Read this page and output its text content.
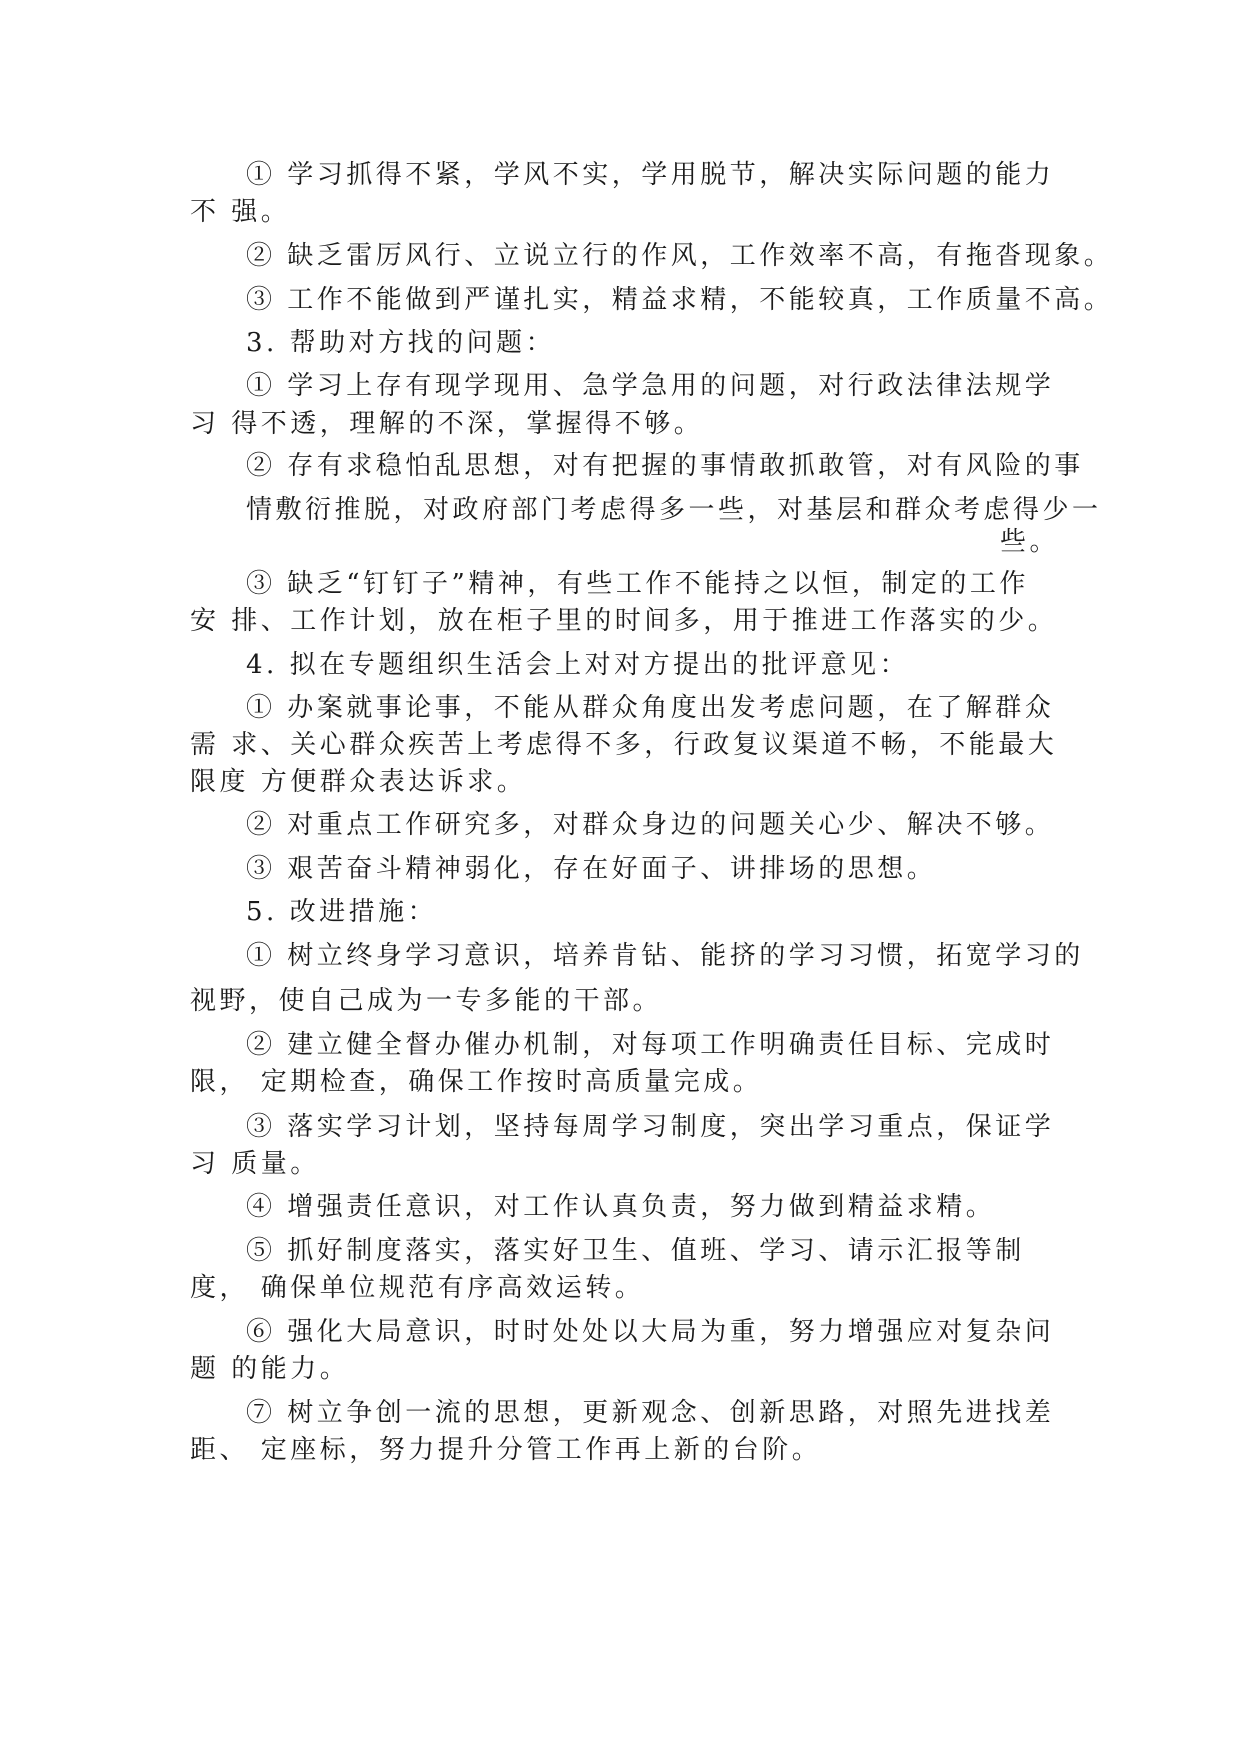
① 学习抓得不紧，学风不实，学用脱节，解决实际问题的能力

不 强。

② 缺乏雷厉风行、立说立行的作风，工作效率不高，有拖沓现象。

③ 工作不能做到严谨扎实，精益求精，不能较真，工作质量不高。

3. 帮助对方找的问题：

① 学习上存有现学现用、急学急用的问题，对行政法律法规学

习 得不透，理解的不深，掌握得不够。

② 存有求稳怕乱思想，对有把握的事情敢抓敢管，对有风险的事

情敷衍推脱，对政府部门考虑得多一些，对基层和群众考虑得少一

些。

③ 缺乏“钉钉子”精神，有些工作不能持之以恒，制定的工作

安 排、工作计划，放在柜子里的时间多，用于推进工作落实的少。

4. 拟在专题组织生活会上对对方提出的批评意见：

① 办案就事论事，不能从群众角度出发考虑问题，在了解群众

需 求、关心群众疾苦上考虑得不多，行政复议渠道不畅，不能最大

限度 方便群众表达诉求。

② 对重点工作研究多，对群众身边的问题关心少、解决不够。

③ 艰苦奋斗精神弱化，存在好面子、讲排场的思想。

5. 改进措施：

① 树立终身学习意识，培养肯钻、能挤的学习习惯，拓宽学习的

视野，使自己成为一专多能的干部。

② 建立健全督办催办机制，对每项工作明确责任目标、完成时

限， 定期检查，确保工作按时高质量完成。

③ 落实学习计划，坚持每周学习制度，突出学习重点，保证学

习 质量。

④ 增强责任意识，对工作认真负责，努力做到精益求精。

⑤ 抓好制度落实，落实好卫生、值班、学习、请示汇报等制

度， 确保单位规范有序高效运转。

⑥ 强化大局意识，时时处处以大局为重，努力增强应对复杂问

题 的能力。

⑦ 树立争创一流的思想，更新观念、创新思路，对照先进找差

距、 定座标，努力提升分管工作再上新的台阶。
